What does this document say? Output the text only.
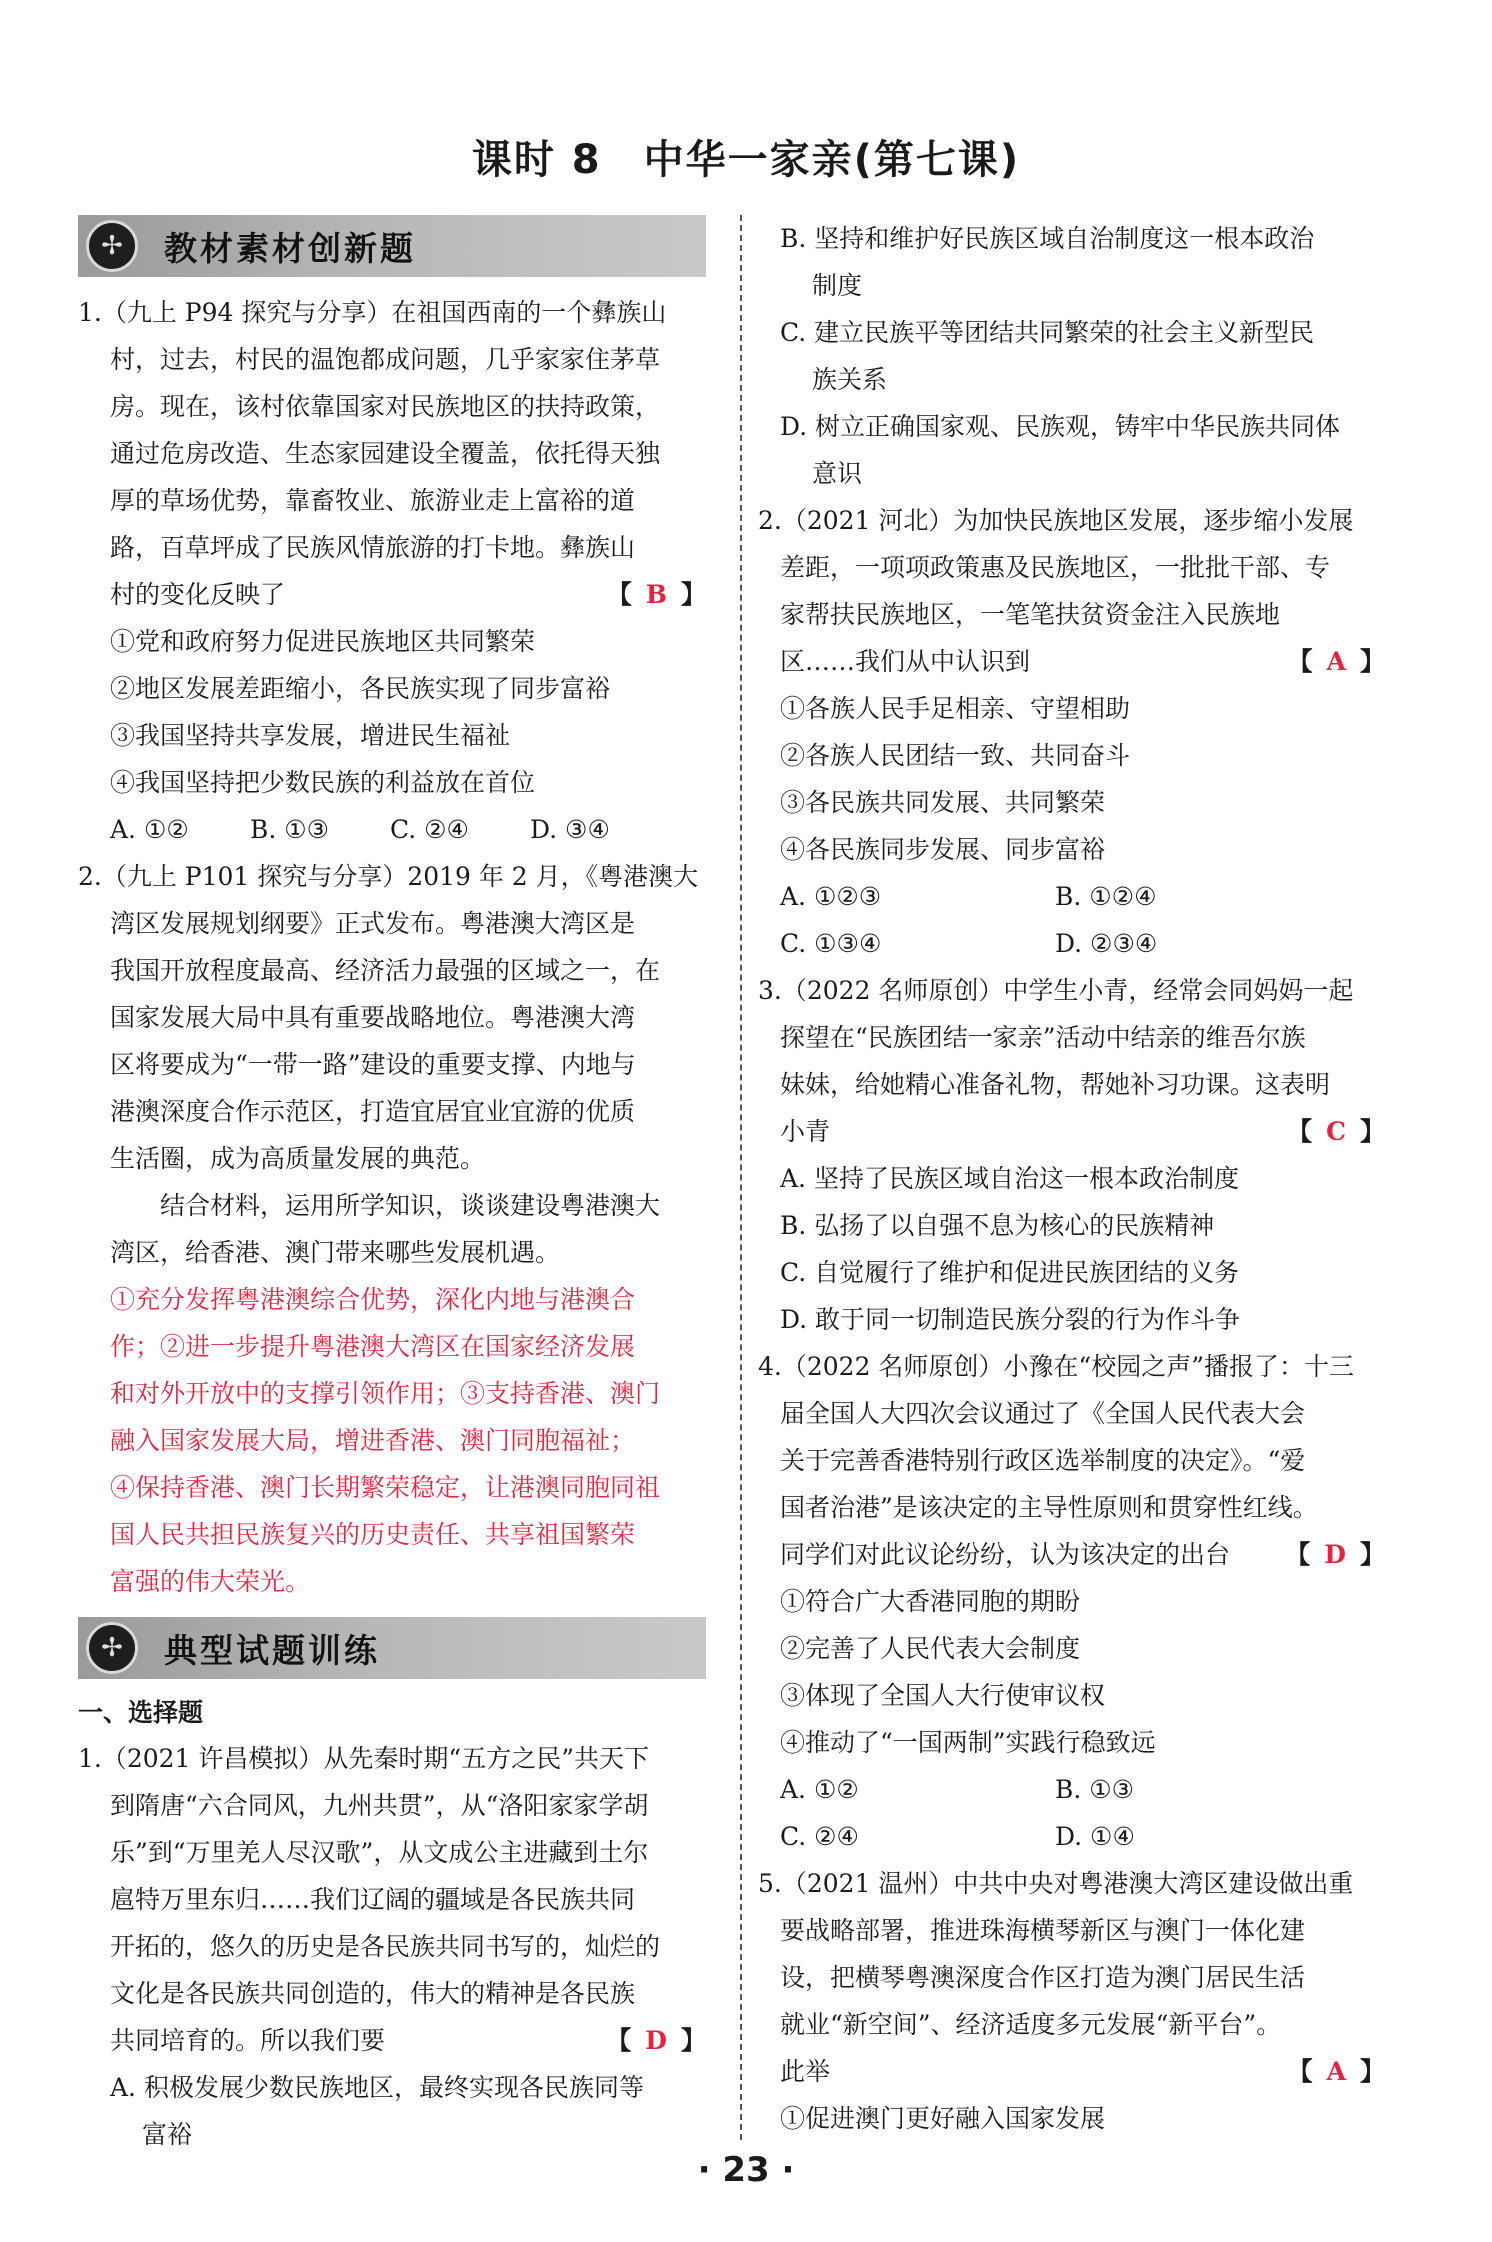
课时 8　中华一家亲(第七课)
✢	教材素材创新题
1.（九上 P94 探究与分享）在祖国西南的一个彝族山
村，过去，村民的温饱都成问题，几乎家家住茅草
房。现在，该村依靠国家对民族地区的扶持政策，
通过危房改造、生态家园建设全覆盖，依托得天独
厚的草场优势，靠畜牧业、旅游业走上富裕的道
路，百草坪成了民族风情旅游的打卡地。彝族山
村的变化反映了	【 B 】
①党和政府努力促进民族地区共同繁荣
②地区发展差距缩小，各民族实现了同步富裕
③我国坚持共享发展，增进民生福祉
④我国坚持把少数民族的利益放在首位
A. ①②	B. ①③	C. ②④	D. ③④
2.（九上 P101 探究与分享）2019 年 2 月，《粤港澳大
湾区发展规划纲要》正式发布。粤港澳大湾区是
我国开放程度最高、经济活力最强的区域之一，在
国家发展大局中具有重要战略地位。粤港澳大湾
区将要成为“一带一路”建设的重要支撑、内地与
港澳深度合作示范区，打造宜居宜业宜游的优质
生活圈，成为高质量发展的典范。
结合材料，运用所学知识，谈谈建设粤港澳大
湾区，给香港、澳门带来哪些发展机遇。
①充分发挥粤港澳综合优势，深化内地与港澳合
作；②进一步提升粤港澳大湾区在国家经济发展
和对外开放中的支撑引领作用；③支持香港、澳门
融入国家发展大局，增进香港、澳门同胞福祉；
④保持香港、澳门长期繁荣稳定，让港澳同胞同祖
国人民共担民族复兴的历史责任、共享祖国繁荣
富强的伟大荣光。
✢	典型试题训练
一、选择题
1.（2021 许昌模拟）从先秦时期“五方之民”共天下
到隋唐“六合同风，九州共贯”，从“洛阳家家学胡
乐”到“万里羌人尽汉歌”，从文成公主进藏到土尔
扈特万里东归……我们辽阔的疆域是各民族共同
开拓的，悠久的历史是各民族共同书写的，灿烂的
文化是各民族共同创造的，伟大的精神是各民族
共同培育的。所以我们要	【 D 】
A. 积极发展少数民族地区，最终实现各民族同等
富裕
B. 坚持和维护好民族区域自治制度这一根本政治
制度
C. 建立民族平等团结共同繁荣的社会主义新型民
族关系
D. 树立正确国家观、民族观，铸牢中华民族共同体
意识
2.（2021 河北）为加快民族地区发展，逐步缩小发展
差距，一项项政策惠及民族地区，一批批干部、专
家帮扶民族地区，一笔笔扶贫资金注入民族地
区……我们从中认识到	【 A 】
①各族人民手足相亲、守望相助
②各族人民团结一致、共同奋斗
③各民族共同发展、共同繁荣
④各民族同步发展、同步富裕
A. ①②③	B. ①②④
C. ①③④	D. ②③④
3.（2022 名师原创）中学生小青，经常会同妈妈一起
探望在“民族团结一家亲”活动中结亲的维吾尔族
妹妹，给她精心准备礼物，帮她补习功课。这表明
小青	【 C 】
A. 坚持了民族区域自治这一根本政治制度
B. 弘扬了以自强不息为核心的民族精神
C. 自觉履行了维护和促进民族团结的义务
D. 敢于同一切制造民族分裂的行为作斗争
4.（2022 名师原创）小豫在“校园之声”播报了：十三
届全国人大四次会议通过了《全国人民代表大会
关于完善香港特别行政区选举制度的决定》。“爱
国者治港”是该决定的主导性原则和贯穿性红线。
同学们对此议论纷纷，认为该决定的出台 【 D 】
①符合广大香港同胞的期盼
②完善了人民代表大会制度
③体现了全国人大行使审议权
④推动了“一国两制”实践行稳致远
A. ①②	B. ①③
C. ②④	D. ①④
5.（2021 温州）中共中央对粤港澳大湾区建设做出重
要战略部署，推进珠海横琴新区与澳门一体化建
设，把横琴粤澳深度合作区打造为澳门居民生活
就业“新空间”、经济适度多元发展“新平台”。
此举	【 A 】
①促进澳门更好融入国家发展
· 23 ·
